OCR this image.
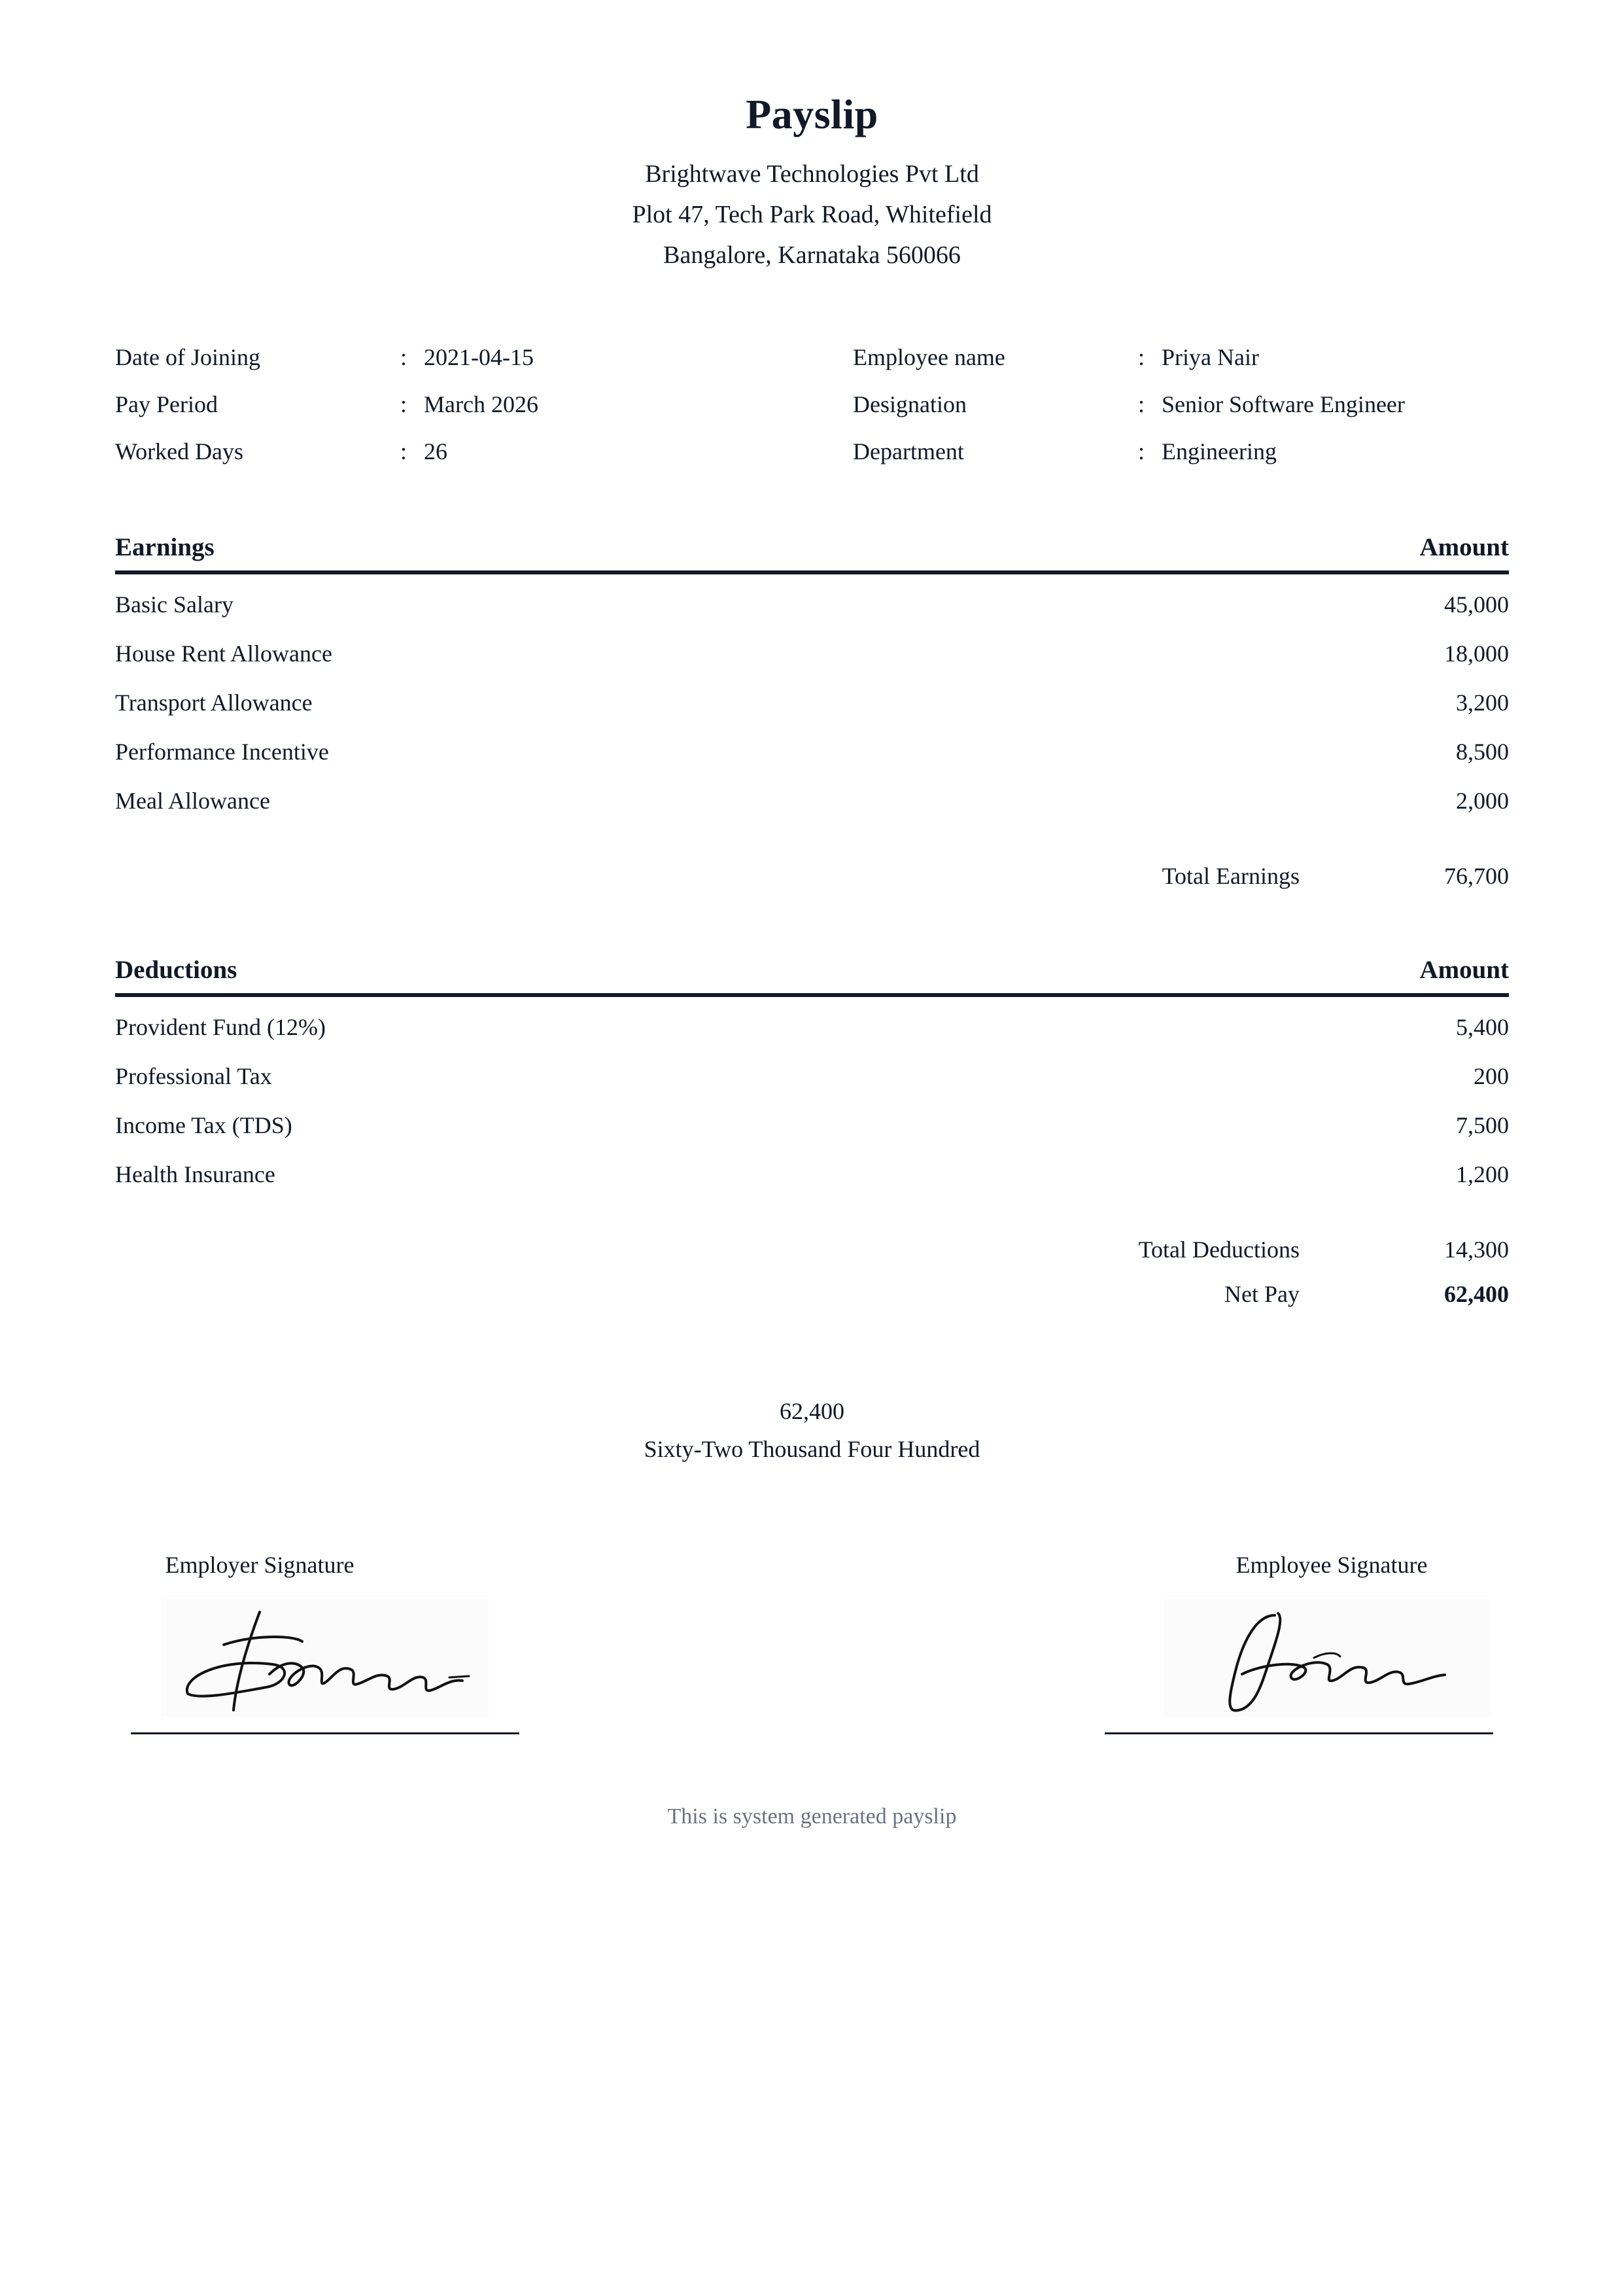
Payslip
Brightwave Technologies Pvt Ltd
Plot 47, Tech Park Road, Whitefield
Bangalore, Karnataka 560066
Date of Joining	: 2021-04-15
Pay Period	: March 2026
Worked Days	: 26
Employee name	: Priya Nair
Designation	: Senior Software Engineer
Department	: Engineering
Earnings	Amount
Basic Salary	45,000
House Rent Allowance	18,000
Transport Allowance	3,200
Performance Incentive	8,500
Meal Allowance	2,000
Total Earnings	76,700
Deductions	Amount
Provident Fund (12%)	5,400
Professional Tax	200
Income Tax (TDS)	7,500
Health Insurance	1,200
Total Deductions	14,300
Net Pay	62,400
62,400
Sixty-Two Thousand Four Hundred
Employer Signature	Employee Signature
This is system generated payslip
